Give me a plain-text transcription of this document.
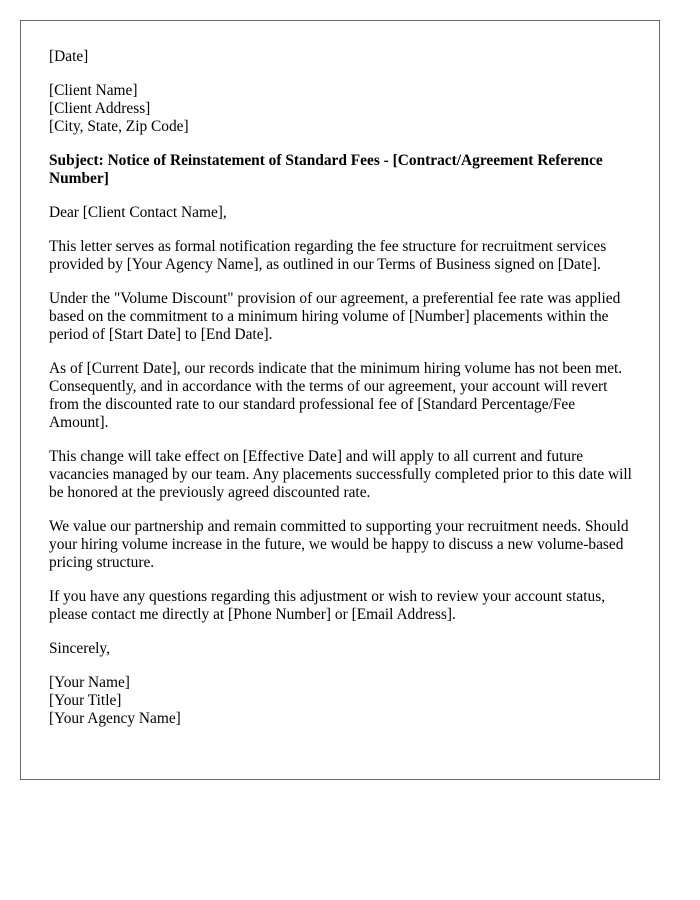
[Date]

[Client Name]
[Client Address]
[City, State, Zip Code]

Subject: Notice of Reinstatement of Standard Fees - [Contract/Agreement Reference Number]

Dear [Client Contact Name],

This letter serves as formal notification regarding the fee structure for recruitment services provided by [Your Agency Name], as outlined in our Terms of Business signed on [Date].

Under the "Volume Discount" provision of our agreement, a preferential fee rate was applied based on the commitment to a minimum hiring volume of [Number] placements within the period of [Start Date] to [End Date].

As of [Current Date], our records indicate that the minimum hiring volume has not been met. Consequently, and in accordance with the terms of our agreement, your account will revert from the discounted rate to our standard professional fee of [Standard Percentage/Fee Amount].

This change will take effect on [Effective Date] and will apply to all current and future vacancies managed by our team. Any placements successfully completed prior to this date will be honored at the previously agreed discounted rate.

We value our partnership and remain committed to supporting your recruitment needs. Should your hiring volume increase in the future, we would be happy to discuss a new volume-based pricing structure.

If you have any questions regarding this adjustment or wish to review your account status, please contact me directly at [Phone Number] or [Email Address].

Sincerely,

[Your Name]
[Your Title]
[Your Agency Name]
